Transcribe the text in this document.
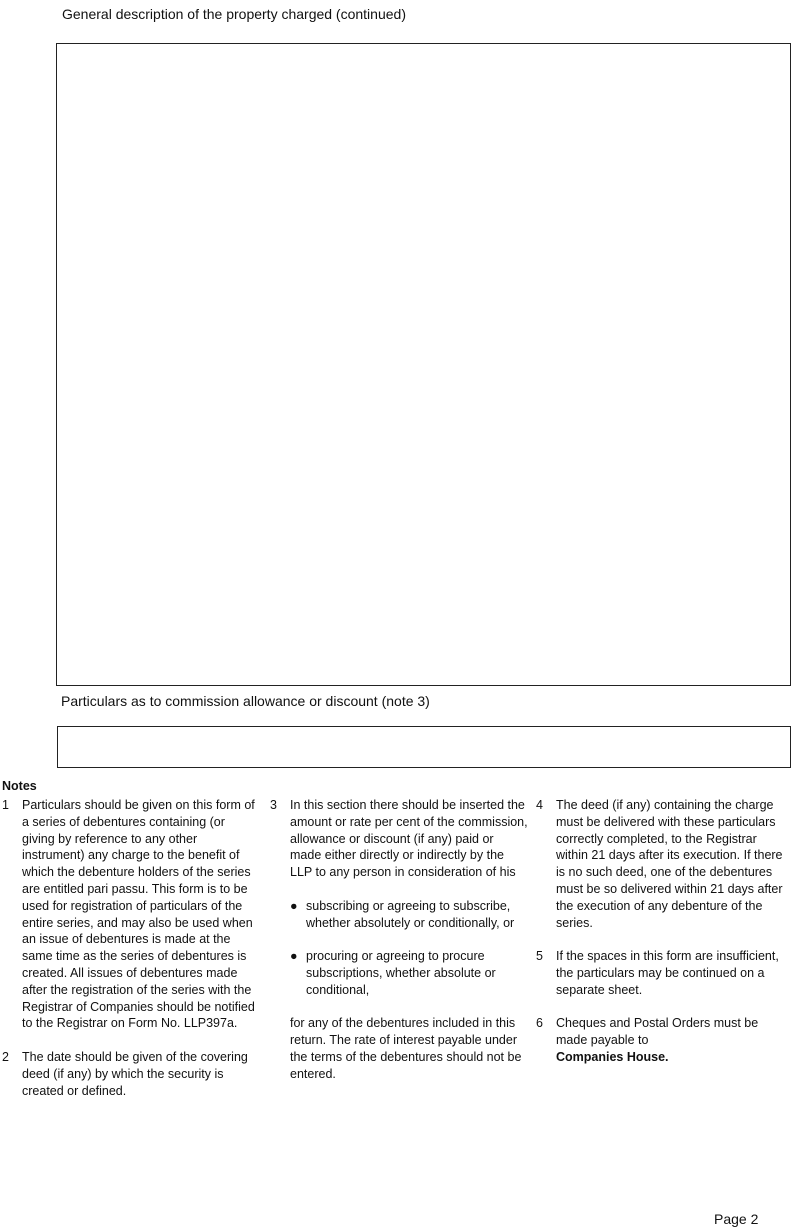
General description of the property charged (continued)
Particulars as to commission allowance or discount (note 3)
Notes
1 Particulars should be given on this form of a series of debentures containing (or giving by reference to any other instrument) any charge to the benefit of which the debenture holders of the series are entitled pari passu. This form is to be used for registration of particulars of the entire series, and may also be used when an issue of debentures is made at the same time as the series of debentures is created. All issues of debentures made after the registration of the series with the Registrar of Companies should be notified to the Registrar on Form No. LLP397a.
2 The date should be given of the covering deed (if any) by which the security is created or defined.
3 In this section there should be inserted the amount or rate per cent of the commission, allowance or discount (if any) paid or made either directly or indirectly by the LLP to any person in consideration of his
● subscribing or agreeing to subscribe, whether absolutely or conditionally, or
● procuring or agreeing to procure subscriptions, whether absolute or conditional,
for any of the debentures included in this return. The rate of interest payable under the terms of the debentures should not be entered.
4 The deed (if any) containing the charge must be delivered with these particulars correctly completed, to the Registrar within 21 days after its execution. If there is no such deed, one of the debentures must be so delivered within 21 days after the execution of any debenture of the series.
5 If the spaces in this form are insufficient, the particulars may be continued on a separate sheet.
6 Cheques and Postal Orders must be made payable to
Companies House.
Page 2
